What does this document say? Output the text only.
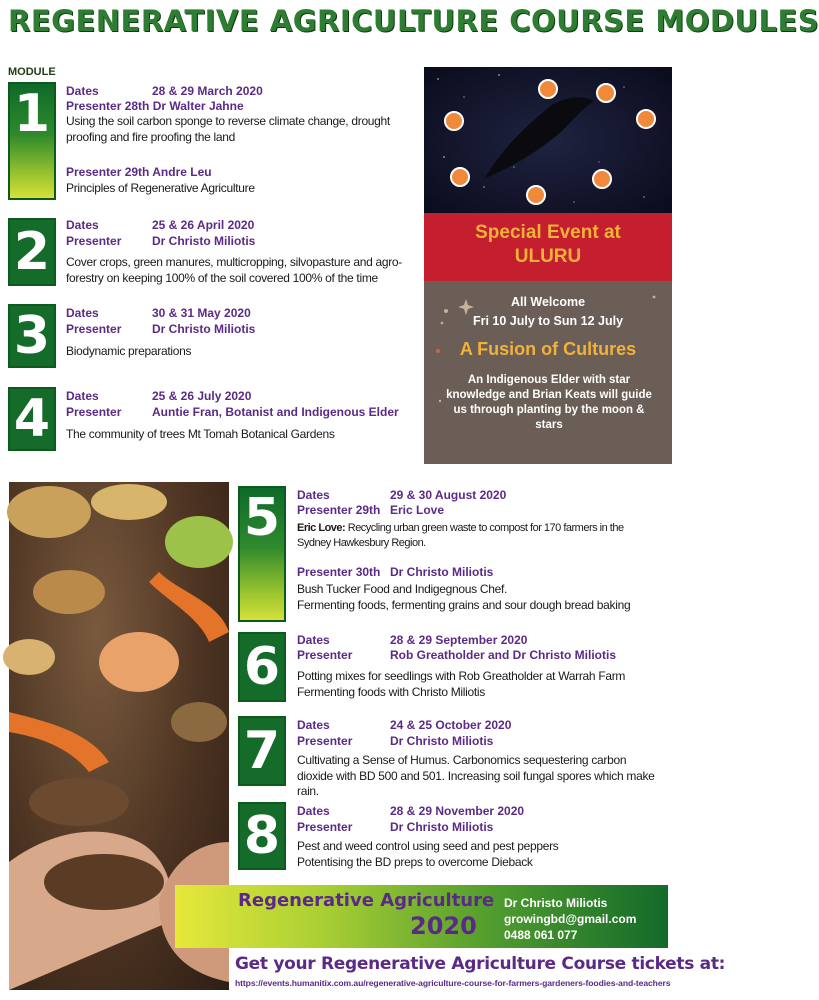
REGENERATIVE AGRICULTURE COURSE MODULES
MODULE
1	Dates	28 & 29 March 2020
Presenter 28th Dr Walter Jahne
Using the soil carbon sponge to reverse climate change, drought proofing and fire proofing the land
Presenter 29th Andre Leu
Principles of Regenerative Agriculture
2	Dates	25 & 26 April 2020
Presenter	Dr Christo Miliotis
Cover crops, green manures, multicropping, silvopasture and agro-forestry on keeping 100% of the soil covered 100% of the time
3	Dates	30 & 31 May 2020
Presenter	Dr Christo Miliotis
Biodynamic preparations
4	Dates	25 & 26 July 2020
Presenter	Auntie Fran, Botanist and Indigenous Elder
The community of trees Mt Tomah Botanical Gardens
Special Event at
ULURU
All Welcome
Fri 10 July to Sun 12 July
A Fusion of Cultures
An Indigenous Elder with star knowledge and Brian Keats will guide us through planting by the moon & stars
5	Dates	29 & 30 August 2020
Presenter 29th Eric Love
Eric Love: Recycling urban green waste to compost for 170 farmers in the Sydney Hawkesbury Region.
Presenter 30th Dr Christo Miliotis
Bush Tucker Food and Indigegnous Chef.
Fermenting foods, fermenting grains and sour dough bread baking
6	Dates	28 & 29 September 2020
Presenter	Rob Greatholder and Dr Christo Miliotis
Potting mixes for seedlings with Rob Greatholder at Warrah Farm
Fermenting foods with Christo Miliotis
7	Dates	24 & 25 October 2020
Presenter	Dr Christo Miliotis
Cultivating a Sense of Humus. Carbonomics sequestering carbon dioxide with BD 500 and 501. Increasing soil fungal spores which make rain.
8	Dates	28 & 29 November 2020
Presenter	Dr Christo Miliotis
Pest and weed control using seed and pest peppers
Potentising the BD preps to overcome Dieback
Regenerative Agriculture
2020
Dr Christo Miliotis
growingbd@gmail.com
0488 061 077
Get your Regenerative Agriculture Course tickets at:
https://events.humanitix.com.au/regenerative-agriculture-course-for-farmers-gardeners-foodies-and-teachers
